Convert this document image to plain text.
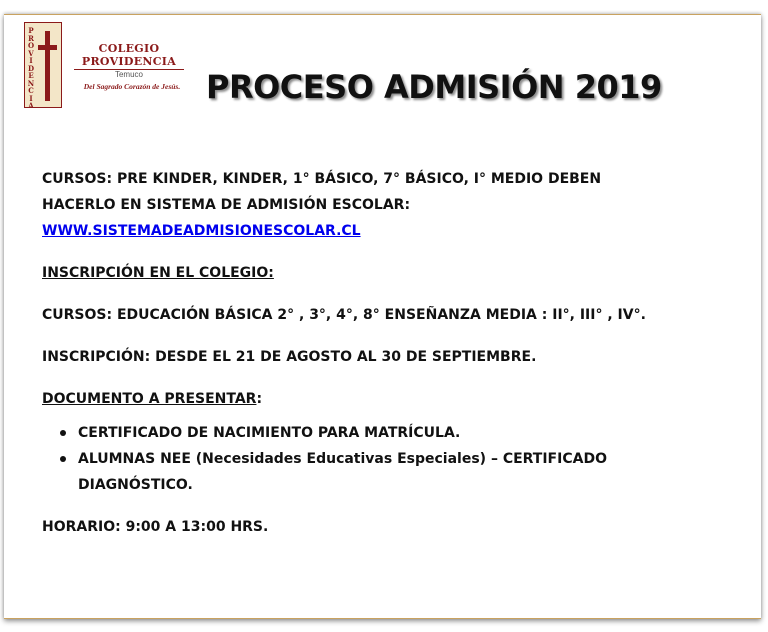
PROVIDENCIA
COLEGIO
PROVIDENCIA
Temuco
Del Sagrado Corazón de Jesús. PROCESO ADMISIÓN 2019

CURSOS: PRE KINDER, KINDER, 1° BÁSICO, 7° BÁSICO, I° MEDIO DEBEN

HACERLO EN SISTEMA DE ADMISIÓN ESCOLAR:

WWW.SISTEMADEADMISIONESCOLAR.CL

INSCRIPCIÓN EN EL COLEGIO:

CURSOS: EDUCACIÓN BÁSICA 2° , 3°, 4°, 8° ENSEÑANZA MEDIA : II°, III° , IV°.

INSCRIPCIÓN: DESDE EL 21 DE AGOSTO AL 30 DE SEPTIEMBRE.

DOCUMENTO A PRESENTAR:

CERTIFICADO DE NACIMIENTO PARA MATRÍCULA.
ALUMNAS NEE (Necesidades Educativas Especiales) – CERTIFICADO
DIAGNÓSTICO.

HORARIO: 9:00 A 13:00 HRS.
